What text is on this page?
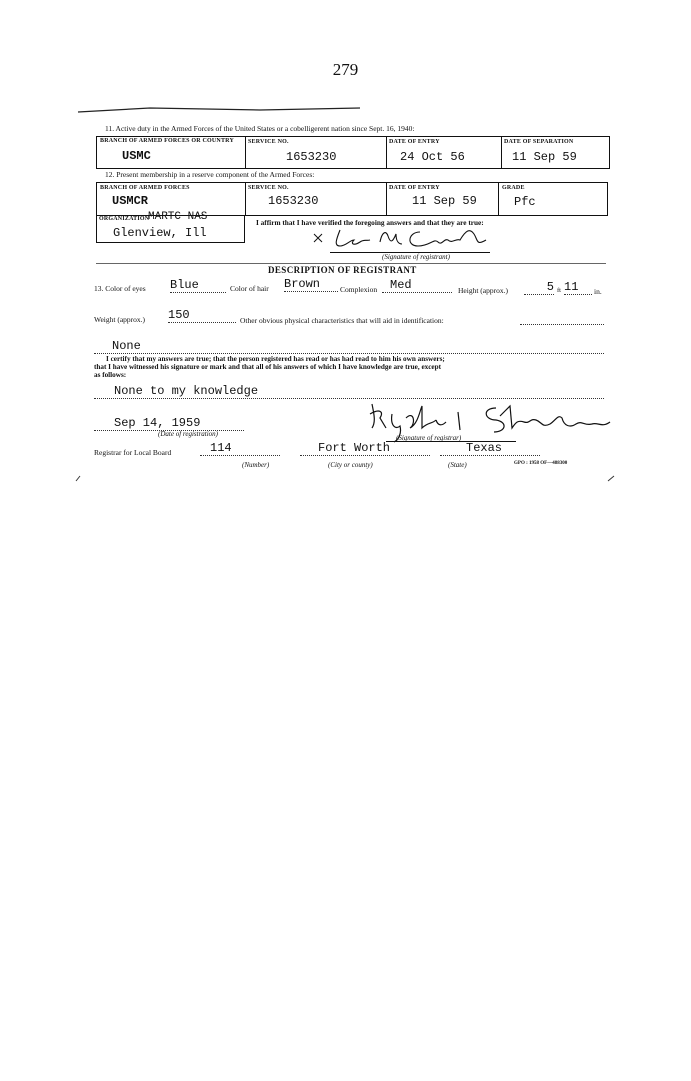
279
11. Active duty in the Armed Forces of the United States or a cobelligerent nation since Sept. 16, 1940:
BRANCH OF ARMED FORCES OR COUNTRY	SERVICE NO.	DATE OF ENTRY	DATE OF SEPARATION
USMC	1653230	24 Oct 56	11 Sep 59
12. Present membership in a reserve component of the Armed Forces:
BRANCH OF ARMED FORCES	SERVICE NO.	DATE OF ENTRY	GRADE
USMCR	1653230	11 Sep 59	Pfc
ORGANIZATION
MARTC NAS
Glenview, Ill
I affirm that I have verified the foregoing answers and that they are true:
(Signature of registrant)
DESCRIPTION OF REGISTRANT
13. Color of eyes Blue	Color of hair Brown	Complexion	Med	Height (approx.)	5 ft 11	in.
Weight (approx.) 150	Other obvious physical characteristics that will aid in identification:
None
I certify that my answers are true; that the person registered has read or has had read to him his own answers;
that I have witnessed his signature or mark and that all of his answers of which I have knowledge are true, except
as follows:
None to my knowledge
Sep 14, 1959
(Date of registration)	(Signature of registrar)
Registrar for Local Board	114	Fort Worth	Texas
(Number)	(City or county)	(State)	GPO : 1958 OF—488300
